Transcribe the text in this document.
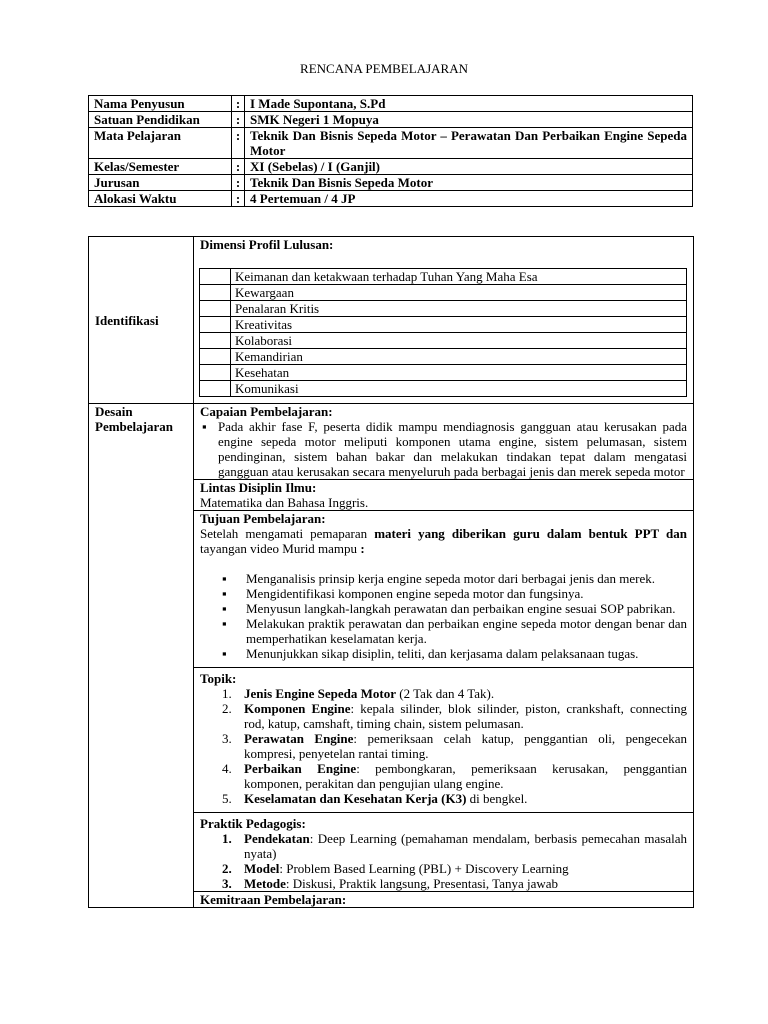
RENCANA PEMBELAJARAN
Nama Penyusun	:	I Made Supontana, S.Pd
Satuan Pendidikan	:	SMK Negeri 1 Mopuya
Mata Pelajaran	:	Teknik Dan Bisnis Sepeda Motor – Perawatan Dan Perbaikan Engine Sepeda Motor
Kelas/Semester	:	XI (Sebelas) / I (Ganjil)
Jurusan	:	Teknik Dan Bisnis Sepeda Motor
Alokasi Waktu	:	4 Pertemuan / 4 JP
Identifikasi	
Dimensi Profil Lulusan:
	Keimanan dan ketakwaan terhadap Tuhan Yang Maha Esa
	Kewargaan
	Penalaran Kritis
	Kreativitas
	Kolaborasi
	Kemandirian
	Kesehatan
	Komunikasi

Desain Pembelajaran	
Capaian Pembelajaran:
▪ Pada akhir fase F, peserta didik mampu mendiagnosis gangguan atau kerusakan pada engine sepeda motor meliputi komponen utama engine, sistem pelumasan, sistem pendinginan, sistem bahan bakar dan melakukan tindakan tepat dalam mengatasi gangguan atau kerusakan secara menyeluruh pada berbagai jenis dan merek sepeda motor

Lintas Disiplin Ilmu:
Matematika dan Bahasa Inggris.

Tujuan Pembelajaran:
Setelah mengamati pemaparan materi yang diberikan guru dalam bentuk PPT dan tayangan video Murid mampu :
▪ Menganalisis prinsip kerja engine sepeda motor dari berbagai jenis dan merek.
▪ Mengidentifikasi komponen engine sepeda motor dan fungsinya.
▪ Menyusun langkah-langkah perawatan dan perbaikan engine sesuai SOP pabrikan.
▪ Melakukan praktik perawatan dan perbaikan engine sepeda motor dengan benar dan memperhatikan keselamatan kerja.
▪ Menunjukkan sikap disiplin, teliti, dan kerjasama dalam pelaksanaan tugas.

Topik:
1. Jenis Engine Sepeda Motor (2 Tak dan 4 Tak).
2. Komponen Engine: kepala silinder, blok silinder, piston, crankshaft, connecting rod, katup, camshaft, timing chain, sistem pelumasan.
3. Perawatan Engine: pemeriksaan celah katup, penggantian oli, pengecekan kompresi, penyetelan rantai timing.
4. Perbaikan Engine: pembongkaran, pemeriksaan kerusakan, penggantian komponen, perakitan dan pengujian ulang engine.
5. Keselamatan dan Kesehatan Kerja (K3) di bengkel.

Praktik Pedagogis:
1. Pendekatan: Deep Learning (pemahaman mendalam, berbasis pemecahan masalah nyata)
2. Model: Problem Based Learning (PBL) + Discovery Learning
3. Metode: Diskusi, Praktik langsung, Presentasi, Tanya jawab

Kemitraan Pembelajaran:
